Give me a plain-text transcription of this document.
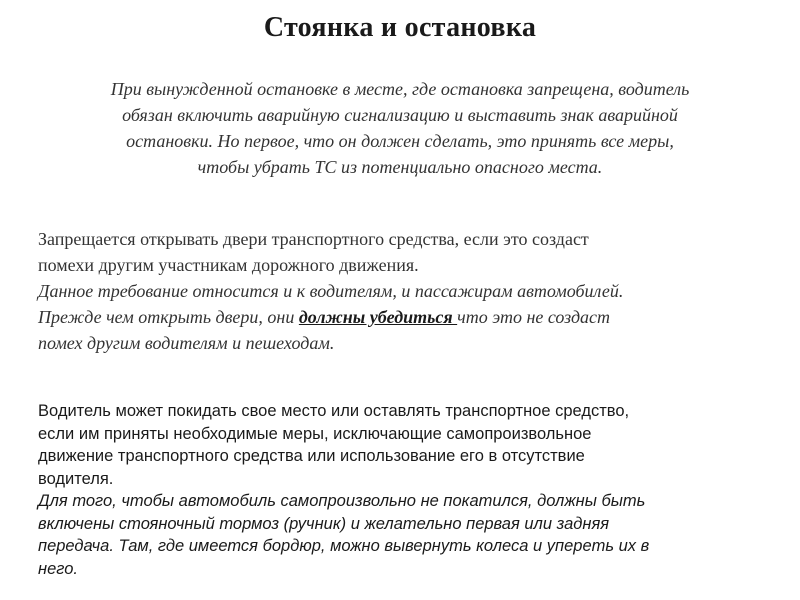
Стоянка и остановка
При вынужденной остановке в месте, где остановка запрещена, водитель
обязан включить аварийную сигнализацию и выставить знак аварийной
остановки. Но первое, что он должен сделать, это принять все меры,
чтобы убрать ТС из потенциально опасного места.
Запрещается открывать двери транспортного средства, если это создаст
помехи другим участникам дорожного движения.
Данное требование относится и к водителям, и пассажирам автомобилей.
Прежде чем открыть двери, они должны убедиться что это не создаст
помех другим водителям и пешеходам.
Водитель может покидать свое место или оставлять транспортное средство,
если им приняты необходимые меры, исключающие самопроизвольное
движение транспортного средства или использование его в отсутствие
водителя.
Для того, чтобы автомобиль самопроизвольно не покатился, должны быть
включены стояночный тормоз (ручник) и желательно первая или задняя
передача. Там, где имеется бордюр, можно вывернуть колеса и уперeть их в
него.
